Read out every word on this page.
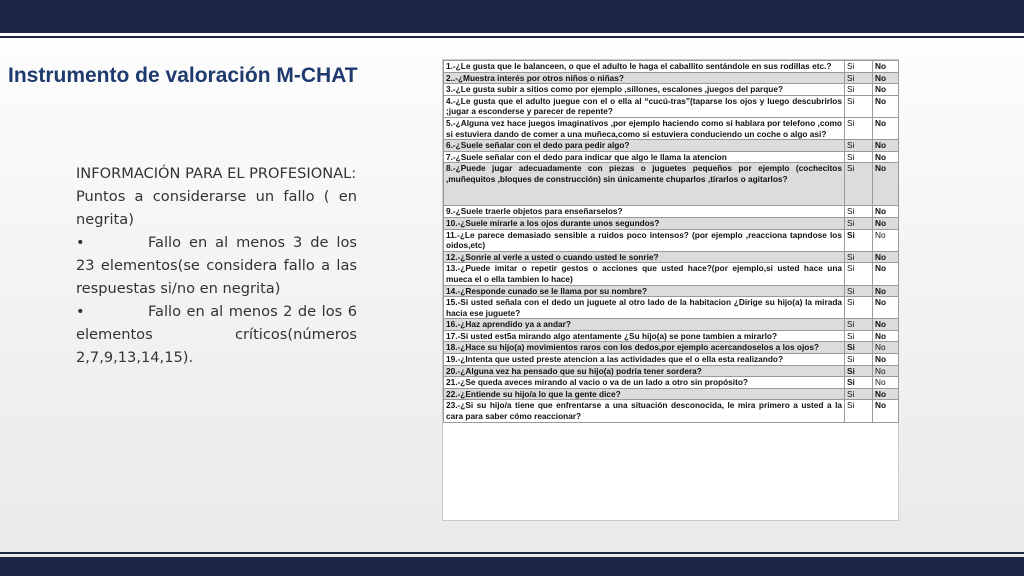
Instrumento de valoración M-CHAT

INFORMACIÓN PARA EL PROFESIONAL:

Puntos a considerarse un fallo ( en negrita)

•	Fallo en al menos 3 de los 23 elementos(se considera fallo a las respuestas si/no en negrita)

•	Fallo en al menos 2 de los 6 elementos críticos(números 2,7,9,13,14,15).

1.-¿Le gusta que le balanceen, o que el adulto le haga el caballito sentándole en sus rodillas etc.?	Si	No
2..-¿Muestra interés por otros niños o niñas?	Si	No
3.-¿Le gusta subir a sitios como por ejemplo ,sillones, escalones ,juegos del parque?	Si	No
4.-¿Le gusta que el adulto juegue con el o ella al “cucú-tras”(taparse los ojos y luego descubrirlos ;jugar a esconderse y parecer de repente?	Si	No
5.-¿Alguna vez hace juegos imaginativos ,por ejemplo haciendo como si hablara por telefono ,como si estuviera dando de comer a una muñeca,como si estuviera conduciendo un coche o algo asi?	Si	No
6.-¿Suele señalar con el dedo para pedir algo?	Si	No
7.-¿Suele señalar con el dedo para indicar que algo le llama la atencion	Si	No
8.-¿Puede jugar adecuadamente con piezas o juguetes pequeños por ejemplo (cochecitos ,muñequitos ,bloques de construcción) sin únicamente chuparlos ,tirarlos o agitarlos?	Si	No
9.-¿Suele traerle objetos para enseñarselos?	Si	No
10.-¿Suele mirarle a los ojos durante unos segundos?	Si	No
11.-¿Le parece demasiado sensible a ruidos poco intensos? (por ejemplo ,reacciona tapndose los oidos,etc)	Si	No
12.-¿Sonrie al verle a usted o cuando usted le sonrie?	Si	No
13.-¿Puede imitar o repetir gestos o acciones que usted hace?(por ejemplo,si usted hace una mueca el o ella tambien lo hace)	Si	No
14.-¿Responde cunado se le llama por su nombre?	Si	No
15.-Si usted señala con el dedo un juguete al otro lado de la habitacion ¿Dirige su hijo(a) la mirada hacia ese juguete?	Si	No
16.-¿Haz aprendido ya a andar?	Si	No
17.-Si usted est5a mirando algo atentamente ¿Su hijo(a) se pone tambien a mirarlo?	Si	No
18.-¿Hace su hijo(a) movimientos raros con los dedos,por ejemplo acercandoselos a los ojos?	Si	No
19.-¿Intenta que usted preste atencion a las actividades que el o ella esta realizando?	Si	No
20.-¿Alguna vez ha pensado que su hijo(a) podria tener sordera?	Si	No
21.-¿Se queda aveces mirando al vacio o va de un lado a otro sin propósito?	Si	No
22.-¿Entiende su hijo/a lo que la gente dice?	Si	No
23.-¿Si su hijo/a tiene que enfrentarse a una situación desconocida, le mira primero a usted a la cara para saber cómo reaccionar?	Si	No
